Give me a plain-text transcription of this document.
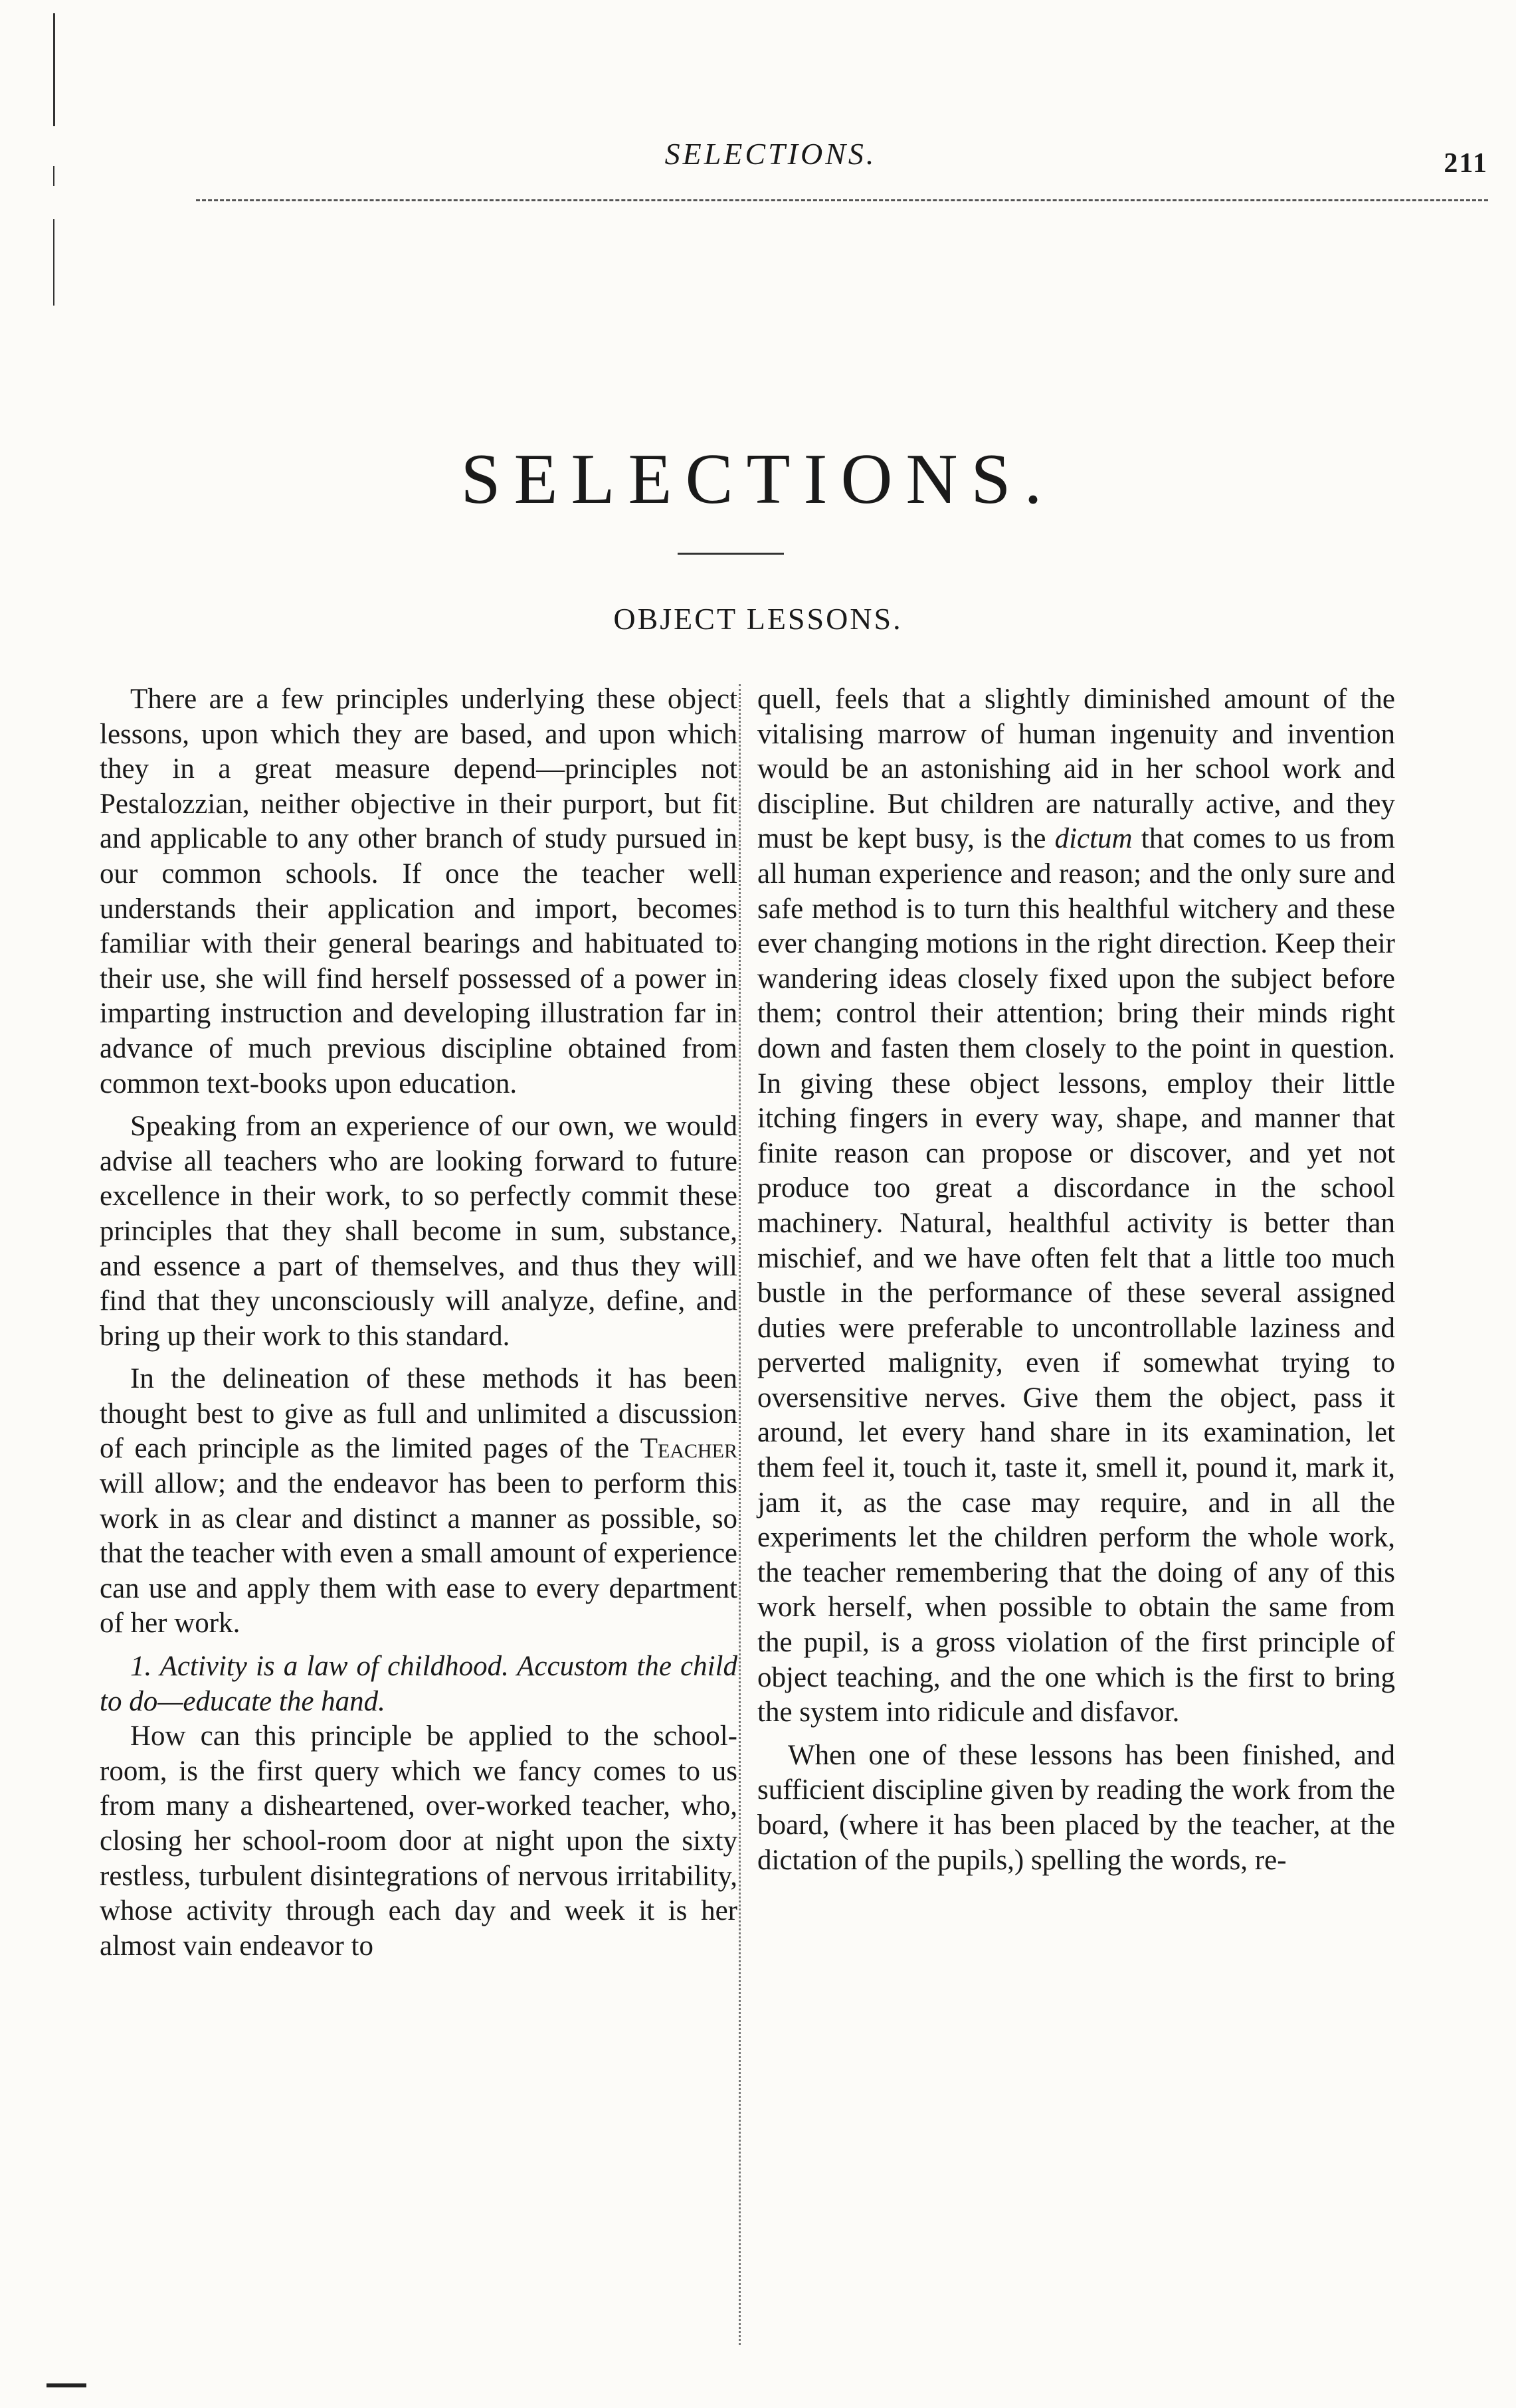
SELECTIONS.	211
SELECTIONS.
OBJECT LESSONS.

There are a few principles underlying these object lessons, upon which they are based, and upon which they in a great measure depend—principles not Pestalozzian, neither objective in their purport, but fit and applicable to any other branch of study pursued in our common schools. If once the teacher well understands their application and import, becomes familiar with their general bearings and habituated to their use, she will find herself possessed of a power in imparting instruction and developing illustration far in advance of much previous discipline obtained from common text-books upon education.

Speaking from an experience of our own, we would advise all teachers who are looking forward to future excellence in their work, to so perfectly commit these principles that they shall become in sum, substance, and essence a part of themselves, and thus they will find that they unconsciously will analyze, define, and bring up their work to this standard.

In the delineation of these methods it has been thought best to give as full and unlimited a discussion of each principle as the limited pages of the Teacher will allow; and the endeavor has been to perform this work in as clear and distinct a manner as possible, so that the teacher with even a small amount of experience can use and apply them with ease to every department of her work.

1. Activity is a law of childhood. Accustom the child to do—educate the hand.

How can this principle be applied to the school-room, is the first query which we fancy comes to us from many a disheartened, over-worked teacher, who, closing her school-room door at night upon the sixty restless, turbulent disintegrations of nervous irritability, whose activity through each day and week it is her almost vain endeavor to

quell, feels that a slightly diminished amount of the vitalising marrow of human ingenuity and invention would be an astonishing aid in her school work and discipline. But children are naturally active, and they must be kept busy, is the dictum that comes to us from all human experience and reason; and the only sure and safe method is to turn this healthful witchery and these ever changing motions in the right direction. Keep their wandering ideas closely fixed upon the subject before them; control their attention; bring their minds right down and fasten them closely to the point in question. In giving these object lessons, employ their little itching fingers in every way, shape, and manner that finite reason can propose or discover, and yet not produce too great a discordance in the school machinery. Natural, healthful activity is better than mischief, and we have often felt that a little too much bustle in the performance of these several assigned duties were preferable to uncontrollable laziness and perverted malignity, even if somewhat trying to oversensitive nerves. Give them the object, pass it around, let every hand share in its examination, let them feel it, touch it, taste it, smell it, pound it, mark it, jam it, as the case may require, and in all the experiments let the children perform the whole work, the teacher remembering that the doing of any of this work herself, when possible to obtain the same from the pupil, is a gross violation of the first principle of object teaching, and the one which is the first to bring the system into ridicule and disfavor.

When one of these lessons has been finished, and sufficient discipline given by reading the work from the board, (where it has been placed by the teacher, at the dictation of the pupils,) spelling the words, re-
